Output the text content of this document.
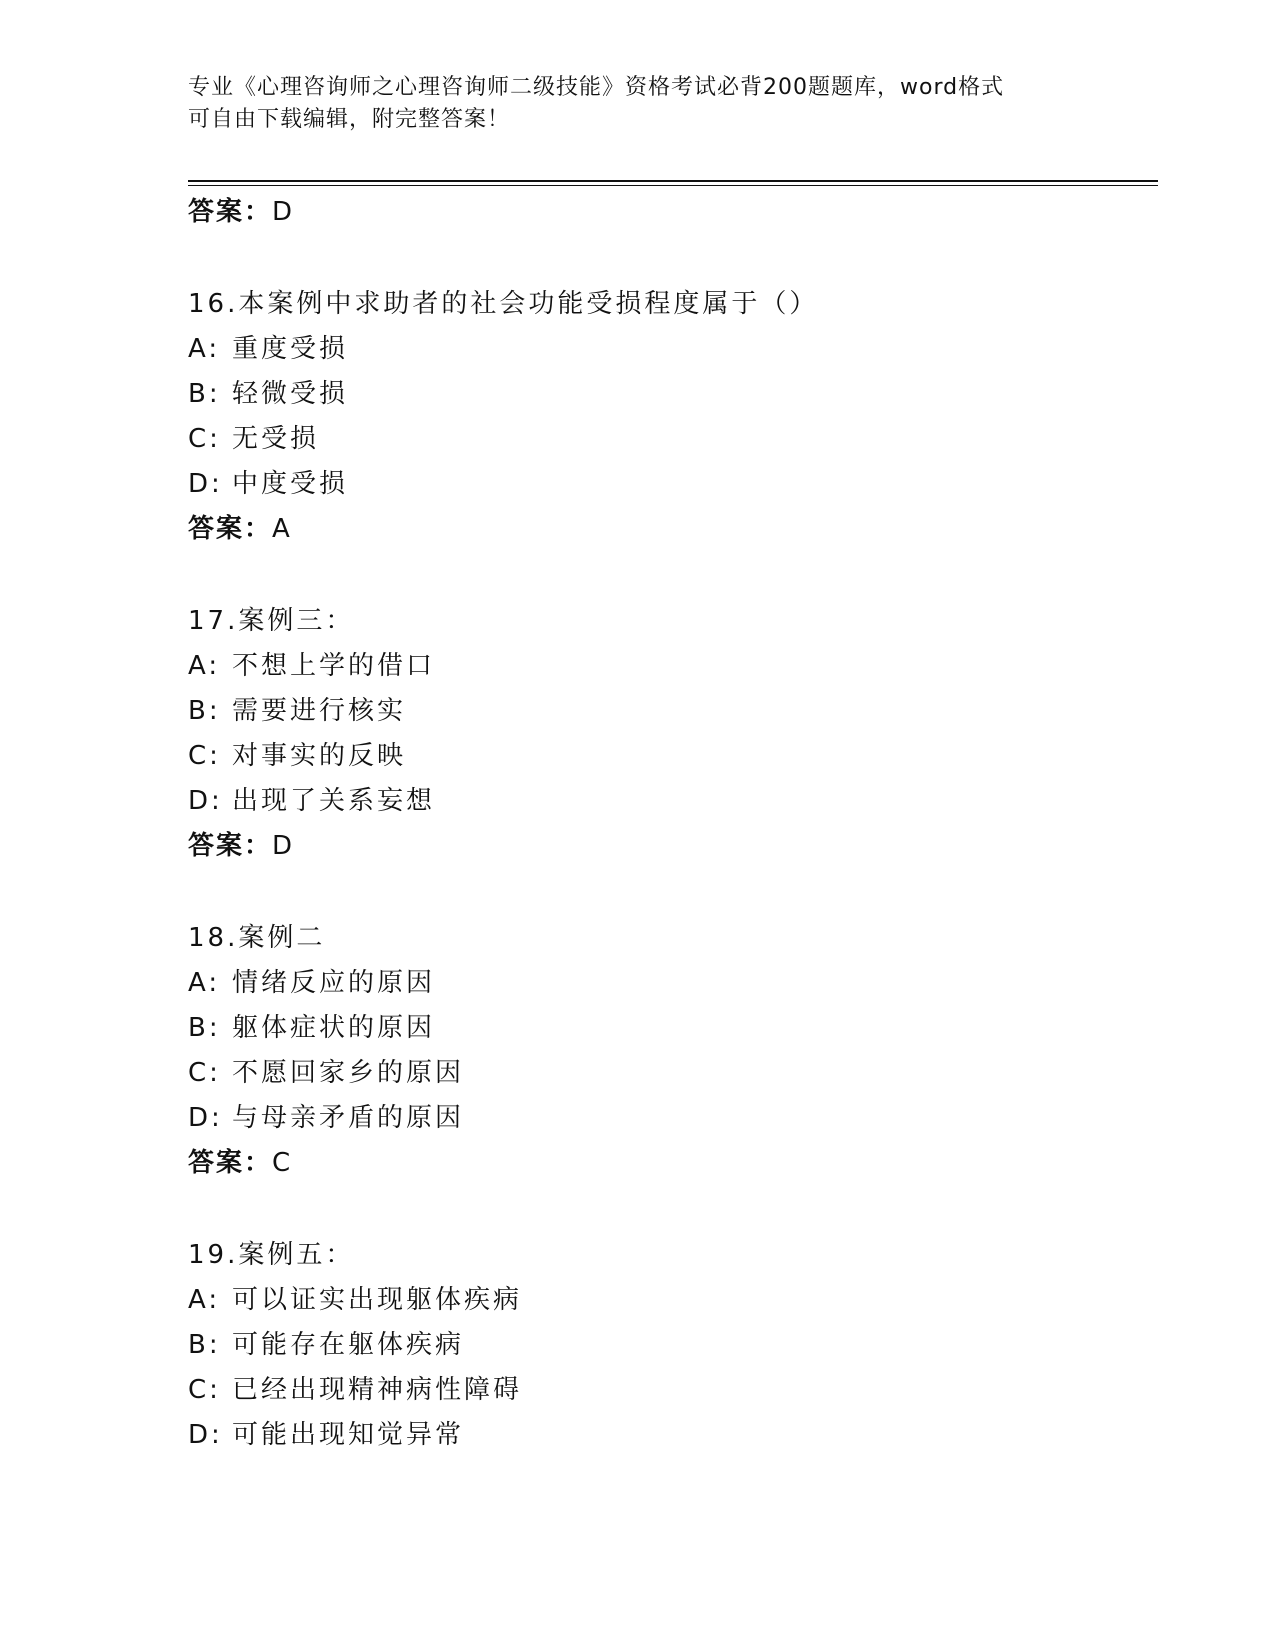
专业《心理咨询师之心理咨询师二级技能》资格考试必背200题题库，word格式
可自由下载编辑，附完整答案！
答案：D
16.本案例中求助者的社会功能受损程度属于（）
A: 重度受损
B: 轻微受损
C: 无受损
D: 中度受损
答案：A
17.案例三：
A: 不想上学的借口
B: 需要进行核实
C: 对事实的反映
D: 出现了关系妄想
答案：D
18.案例二
A: 情绪反应的原因
B: 躯体症状的原因
C: 不愿回家乡的原因
D: 与母亲矛盾的原因
答案：C
19.案例五：
A: 可以证实出现躯体疾病
B: 可能存在躯体疾病
C: 已经出现精神病性障碍
D: 可能出现知觉异常
